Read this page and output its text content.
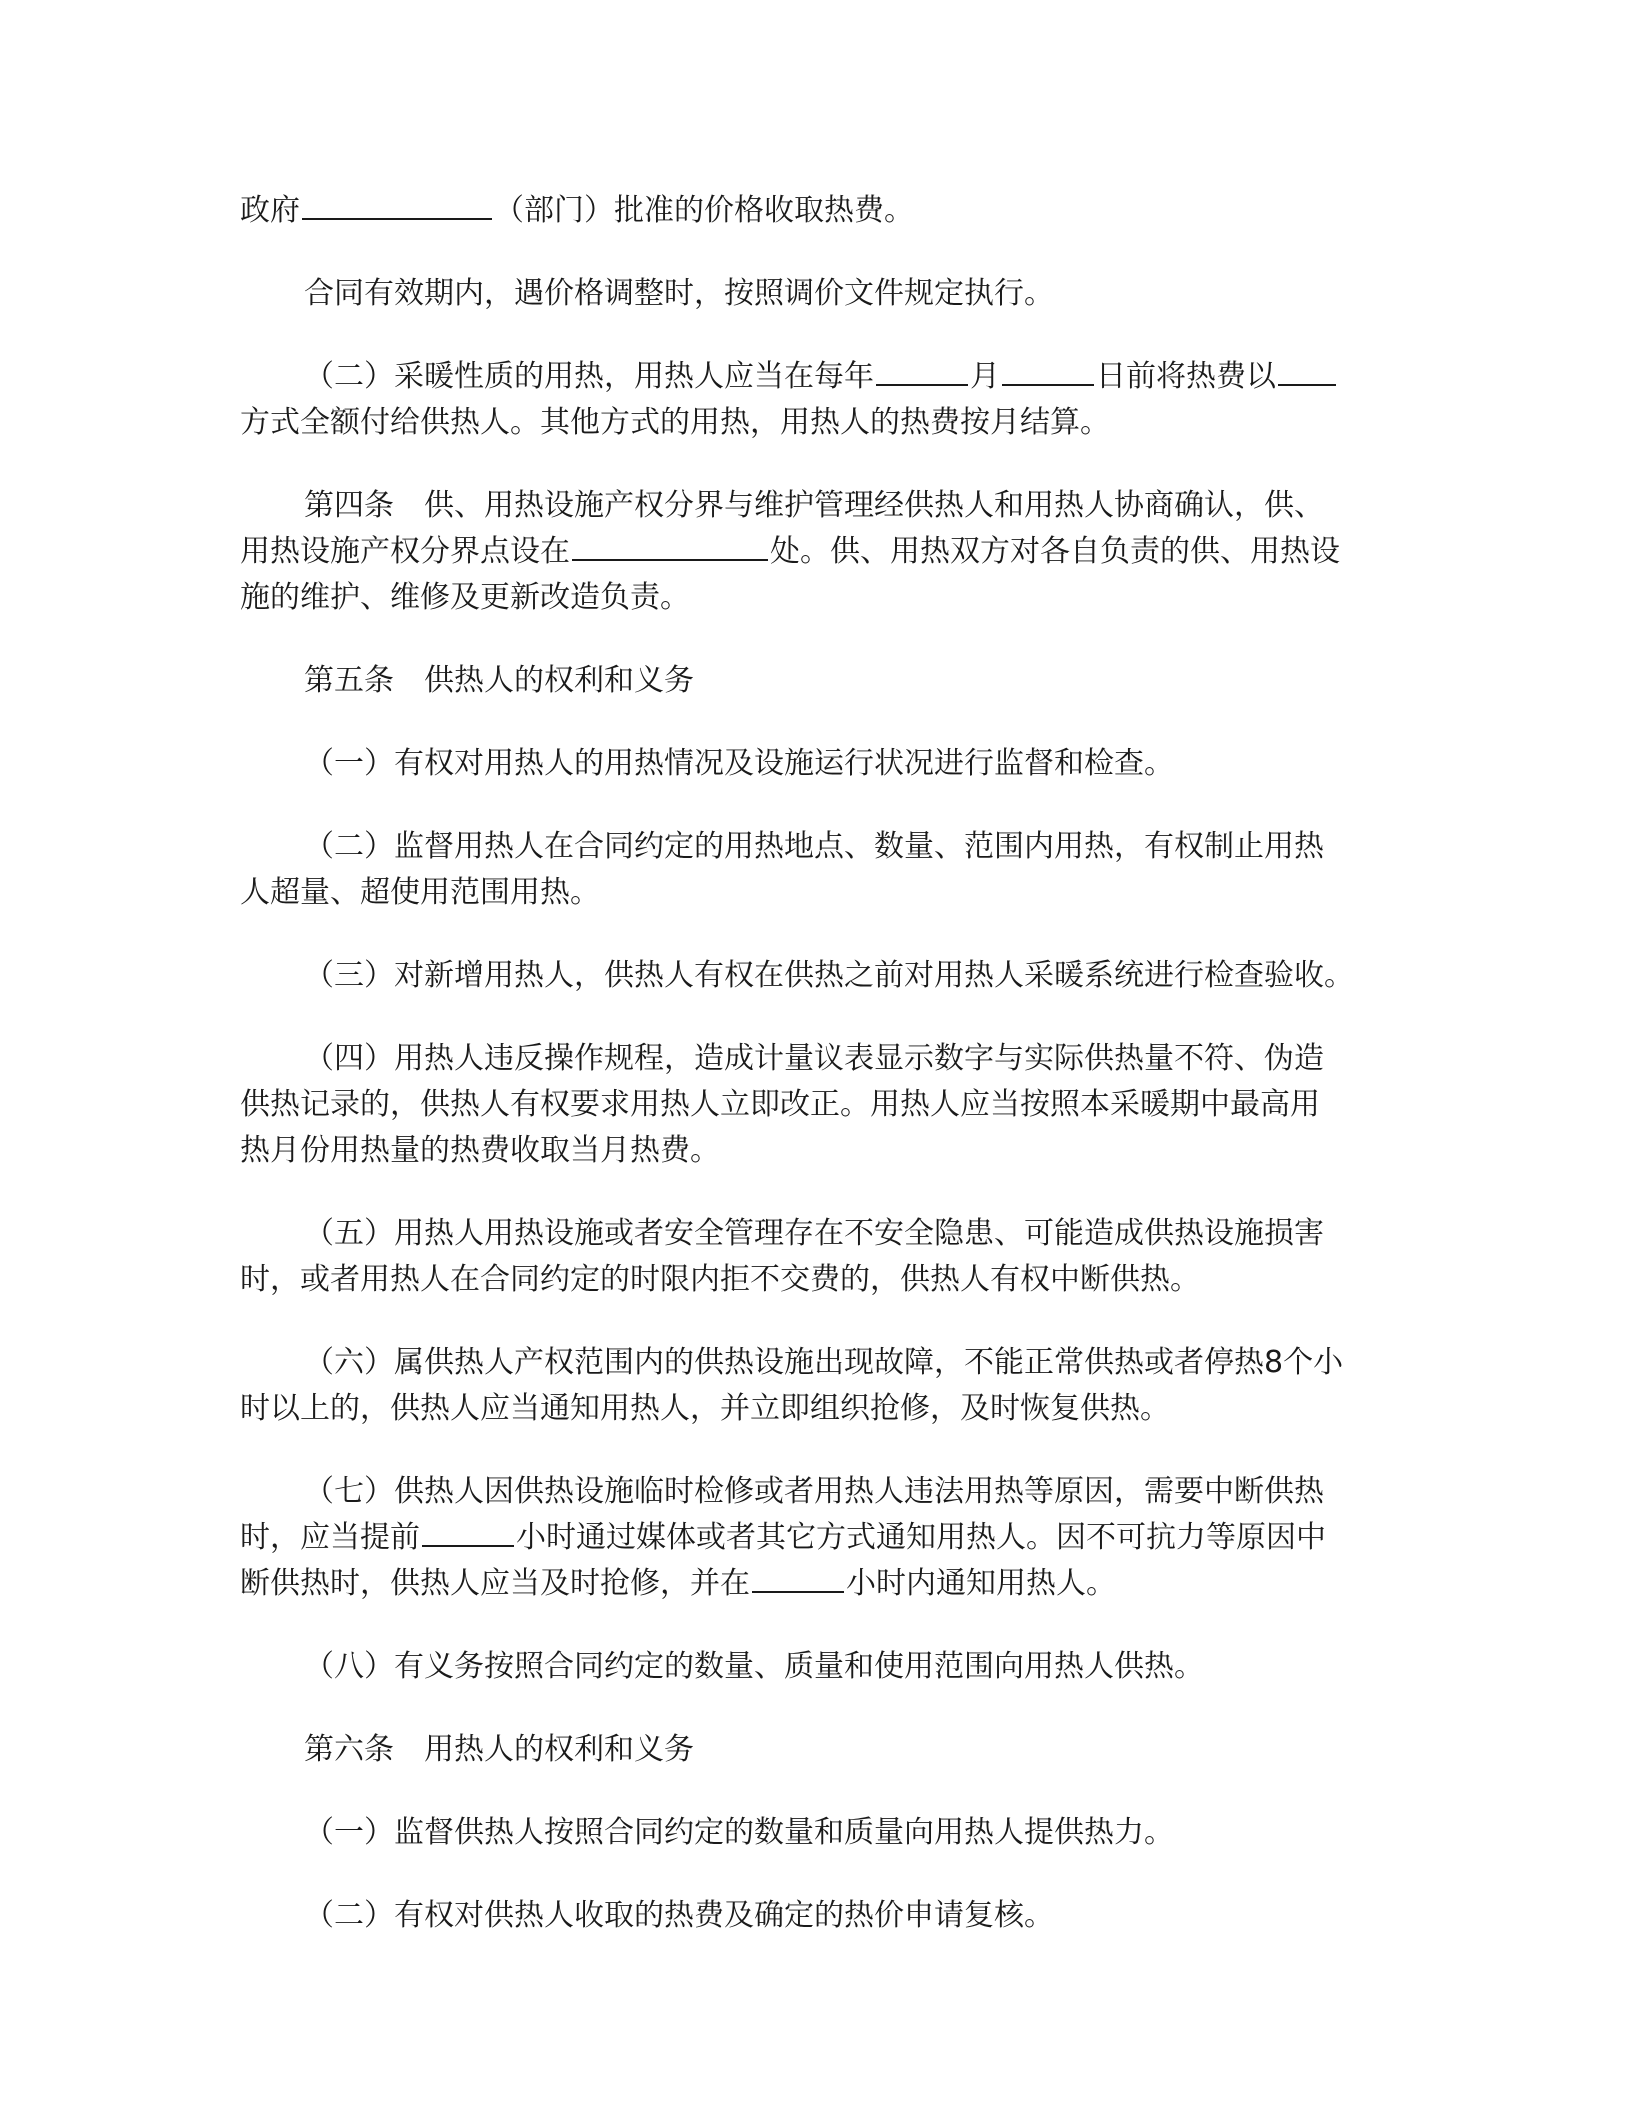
政府	（部门）批准的价格收取热费。

合同有效期内，遇价格调整时，按照调价文件规定执行。

（二）采暖性质的用热，用热人应当在每年	月	日前将热费以
方式全额付给供热人。其他方式的用热，用热人的热费按月结算。

第四条　供、用热设施产权分界与维护管理经供热人和用热人协商确认，供、
用热设施产权分界点设在	处。供、用热双方对各自负责的供、用热设
施的维护、维修及更新改造负责。

第五条　供热人的权利和义务

（一）有权对用热人的用热情况及设施运行状况进行监督和检查。

（二）监督用热人在合同约定的用热地点、数量、范围内用热，有权制止用热
人超量、超使用范围用热。

（三）对新增用热人，供热人有权在供热之前对用热人采暖系统进行检查验收。

（四）用热人违反操作规程，造成计量议表显示数字与实际供热量不符、伪造
供热记录的，供热人有权要求用热人立即改正。用热人应当按照本采暖期中最高用
热月份用热量的热费收取当月热费。

（五）用热人用热设施或者安全管理存在不安全隐患、可能造成供热设施损害
时，或者用热人在合同约定的时限内拒不交费的，供热人有权中断供热。

（六）属供热人产权范围内的供热设施出现故障，不能正常供热或者停热8个小
时以上的，供热人应当通知用热人，并立即组织抢修，及时恢复供热。

（七）供热人因供热设施临时检修或者用热人违法用热等原因，需要中断供热
时，应当提前	小时通过媒体或者其它方式通知用热人。因不可抗力等原因中
断供热时，供热人应当及时抢修，并在	小时内通知用热人。

（八）有义务按照合同约定的数量、质量和使用范围向用热人供热。

第六条　用热人的权利和义务

（一）监督供热人按照合同约定的数量和质量向用热人提供热力。

（二）有权对供热人收取的热费及确定的热价申请复核。
